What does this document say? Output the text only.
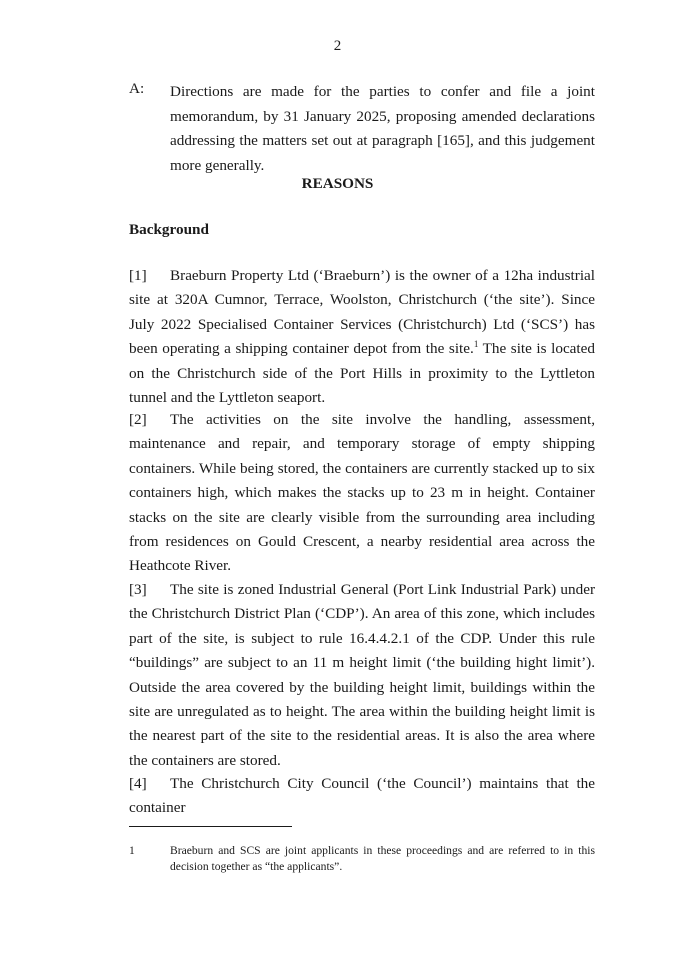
2
A: Directions are made for the parties to confer and file a joint memorandum, by 31 January 2025, proposing amended declarations addressing the matters set out at paragraph [165], and this judgement more generally.
REASONS
Background

[1] Braeburn Property Ltd (‘Braeburn’) is the owner of a 12ha industrial site at 320A Cumnor, Terrace, Woolston, Christchurch (‘the site’). Since July 2022 Specialised Container Services (Christchurch) Ltd (‘SCS’) has been operating a shipping container depot from the site.$^1$ The site is located on the Christchurch side of the Port Hills in proximity to the Lyttleton tunnel and the Lyttleton seaport.

[2] The activities on the site involve the handling, assessment, maintenance and repair, and temporary storage of empty shipping containers. While being stored, the containers are currently stacked up to six containers high, which makes the stacks up to 23 m in height. Container stacks on the site are clearly visible from the surrounding area including from residences on Gould Crescent, a nearby residential area across the Heathcote River.

[3] The site is zoned Industrial General (Port Link Industrial Park) under the Christchurch District Plan (‘CDP’). An area of this zone, which includes part of the site, is subject to rule 16.4.4.2.1 of the CDP. Under this rule “buildings” are subject to an 11 m height limit (‘the building hight limit’). Outside the area covered by the building height limit, buildings within the site are unregulated as to height. The area within the building height limit is the nearest part of the site to the residential areas. It is also the area where the containers are stored.

[4] The Christchurch City Council (‘the Council’) maintains that the container

1	Braeburn and SCS are joint applicants in these proceedings and are referred to in this decision together as “the applicants”.
